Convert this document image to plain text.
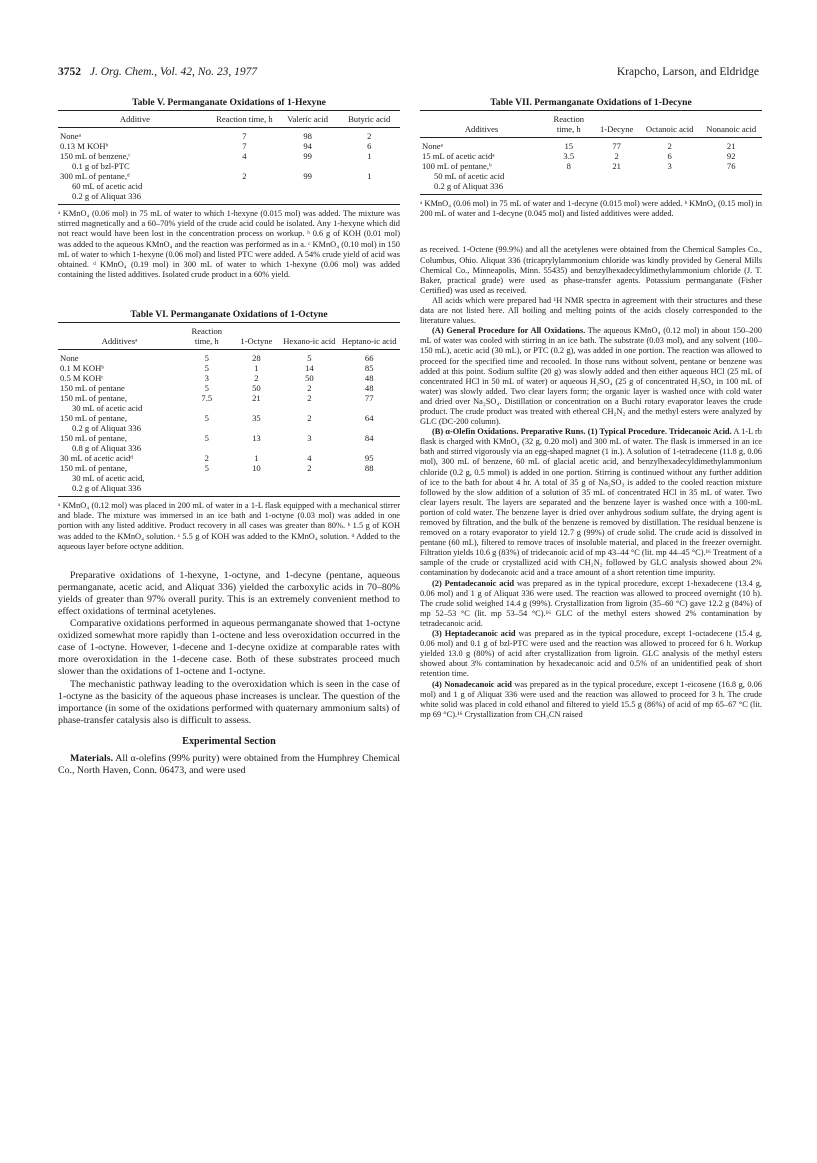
3752 J. Org. Chem., Vol. 42, No. 23, 1977	Krapcho, Larson, and Eldridge
Table V. Permanganate Oxidations of 1-Hexyne
Additive	Reaction time, h	Valeric acid	Butyric acid
Noneᵃ	7	98	2
0.13 M KOHᵇ	7	94	6

150 mL of benzene,ᶜ
0.1 g of bzl-PTC	4	99	1

300 mL of pentane,ᵈ
60 mL of acetic acid
0.2 g of Aliquat 336	2	99	1
ᵃ KMnO₄ (0.06 mol) in 75 mL of water to which 1-hexyne (0.015 mol) was added. The mixture was stirred magnetically and a 60–70% yield of the crude acid could be isolated. Any 1-hexyne which did not react would have been lost in the concentration process on workup. ᵇ 0.6 g of KOH (0.01 mol) was added to the aqueous KMnO₄ and the reaction was performed as in a. ᶜ KMnO₄ (0.10 mol) in 150 mL of water to which 1-hexyne (0.06 mol) and listed PTC were added. A 54% crude yield of acid was obtained. ᵈ KMnO₄ (0.19 mol) in 300 mL of water to which 1-hexyne (0.06 mol) was added containing the listed additives. Isolated crude product in a 60% yield.
Table VI. Permanganate Oxidations of 1-Octyne
Additivesᵃ	Reaction time, h	1-Octyne	Hexano-ic acid	Heptano-ic acid
None	5	28	5	66
0.1 M KOHᵇ	5	1	14	85
0.5 M KOHᶜ	3	2	50	48
150 mL of pentane	5	50	2	48

150 mL of pentane,
30 mL of acetic acid	7.5	21	2	77

150 mL of pentane,
0.2 g of Aliquat 336	5	35	2	64

150 mL of pentane,
0.8 g of Aliquat 336	5	13	3	84
30 mL of acetic acidᵈ	2	1	4	95

150 mL of pentane,
30 mL of acetic acid,
0.2 g of Aliquat 336	5	10	2	88
ᵃ KMnO₄ (0.12 mol) was placed in 200 mL of water in a 1-L flask equipped with a mechanical stirrer and blade. The mixture was immersed in an ice bath and 1-octyne (0.03 mol) was added in one portion with any listed additive. Product recovery in all cases was greater than 80%. ᵇ 1.5 g of KOH was added to the KMnO₄ solution. ᶜ 5.5 g of KOH was added to the KMnO₄ solution. ᵈ Added to the aqueous layer before octyne addition.

Preparative oxidations of 1-hexyne, 1-octyne, and 1-decyne (pentane, aqueous permanganate, acetic acid, and Aliquat 336) yielded the carboxylic acids in 70–80% yields of greater than 97% overall purity. This is an extremely convenient method to effect oxidations of terminal acetylenes.

Comparative oxidations performed in aqueous permanganate showed that 1-octyne oxidized somewhat more rapidly than 1-octene and less overoxidation occurred in the case of 1-octyne. However, 1-decene and 1-decyne oxidize at comparable rates with more overoxidation in the 1-decene case. Both of these substrates proceed much slower than the oxidations of 1-octene and 1-octyne.

The mechanistic pathway leading to the overoxidation which is seen in the case of 1-octyne as the basicity of the aqueous phase increases is unclear. The question of the importance (in some of the oxidations performed with quaternary ammonium salts) of phase-transfer catalysis also is difficult to assess.

Experimental Section

Materials. All α-olefins (99% purity) were obtained from the Humphrey Chemical Co., North Haven, Conn. 06473, and were used

Table VII. Permanganate Oxidations of 1-Decyne
Additives	Reaction time, h	1-Decyne	Octanoic acid	Nonanoic acid
Noneᵃ	15	77	2	21
15 mL of acetic acidᵃ	3.5	2	6	92

100 mL of pentane,ᵇ
50 mL of acetic acid
0.2 g of Aliquat 336	8	21	3	76
ᵃ KMnO₄ (0.06 mol) in 75 mL of water and 1-decyne (0.015 mol) were added. ᵇ KMnO₄ (0.15 mol) in 200 mL of water and 1-decyne (0.045 mol) and listed additives were added.

as received. 1-Octene (99.9%) and all the acetylenes were obtained from the Chemical Samples Co., Columbus, Ohio. Aliquat 336 (tricaprylylammonium chloride was kindly provided by General Mills Chemical Co., Minneapolis, Minn. 55435) and benzylhexadecyldimethylammonium chloride (J. T. Baker, practical grade) were used as phase-transfer agents. Potassium permanganate (Fisher Certified) was used as received.

All acids which were prepared had ¹H NMR spectra in agreement with their structures and these data are not listed here. All boiling and melting points of the acids closely corresponded to the literature values.

(A) General Procedure for All Oxidations. The aqueous KMnO₄ (0.12 mol) in about 150–200 mL of water was cooled with stirring in an ice bath. The substrate (0.03 mol), and any solvent (100–150 mL), acetic acid (30 mL), or PTC (0.2 g), was added in one portion. The reaction was allowed to proceed for the specified time and recooled. In those runs without solvent, pentane or benzene was added at this point. Sodium sulfite (20 g) was slowly added and then either aqueous HCl (25 mL of concentrated HCl in 50 mL of water) or aqueous H₂SO₄ (25 g of concentrated H₂SO₄ in 100 mL of water) was slowly added. Two clear layers form; the organic layer is washed once with cold water and dried over Na₂SO₄. Distillation or concentration on a Buchi rotary evaporator leaves the crude product. The crude product was treated with ethereal CH₂N₂ and the methyl esters were analyzed by GLC (DC-200 column).

(B) α-Olefin Oxidations. Preparative Runs. (1) Typical Procedure. Tridecanoic Acid. A 1-L rb flask is charged with KMnO₄ (32 g, 0.20 mol) and 300 mL of water. The flask is immersed in an ice bath and stirred vigorously via an egg-shaped magnet (1 in.). A solution of 1-tetradecene (11.8 g, 0.06 mol), 300 mL of benzene, 60 mL of glacial acetic acid, and benzylhexadecyldimethylammonium chloride (0.2 g, 0.5 mmol) is added in one portion. Stirring is continued without any further addition of ice to the bath for about 4 hr. A total of 35 g of Na₂SO₃ is added to the cooled reaction mixture followed by the slow addition of a solution of 35 mL of concentrated HCl in 35 mL of water. Two clear layers result. The layers are separated and the benzene layer is washed once with a 100-mL portion of cold water. The benzene layer is dried over anhydrous sodium sulfate, the drying agent is removed by filtration, and the bulk of the benzene is removed by distillation. The residual benzene is removed on a rotary evaporator to yield 12.7 g (99%) of crude solid. The crude acid is dissolved in pentane (60 mL), filtered to remove traces of insoluble material, and placed in the freezer overnight. Filtration yields 10.6 g (83%) of tridecanoic acid of mp 43–44 °C (lit. mp 44–45 °C).¹⁶ Treatment of a sample of the crude or crystallized acid with CH₂N₂ followed by GLC analysis showed about 2% contamination by dodecanoic acid and a trace amount of a short retention time impurity.

(2) Pentadecanoic acid was prepared as in the typical procedure, except 1-hexadecene (13.4 g, 0.06 mol) and 1 g of Aliquat 336 were used. The reaction was allowed to proceed overnight (10 h). The crude solid weighed 14.4 g (99%). Crystallization from ligroin (35–60 °C) gave 12.2 g (84%) of mp 52–53 °C (lit. mp 53–54 °C).¹⁶ GLC of the methyl esters showed 2% contamination by tetradecanoic acid.

(3) Heptadecanoic acid was prepared as in the typical procedure, except 1-octadecene (15.4 g, 0.06 mol) and 0.1 g of bzl-PTC were used and the reaction was allowed to proceed for 6 h. Workup yielded 13.0 g (80%) of acid after crystallization from ligroin. GLC analysis of the methyl esters showed about 3% contamination by hexadecanoic acid and 0.5% of an unidentified peak of short retention time.

(4) Nonadecanoic acid was prepared as in the typical procedure, except 1-eicosene (16.8 g, 0.06 mol) and 1 g of Aliquat 336 were used and the reaction was allowed to proceed for 3 h. The crude white solid was placed in cold ethanol and filtered to yield 15.5 g (86%) of acid of mp 65–67 °C (lit. mp 69 °C).¹⁶ Crystallization from CH₃CN raised
